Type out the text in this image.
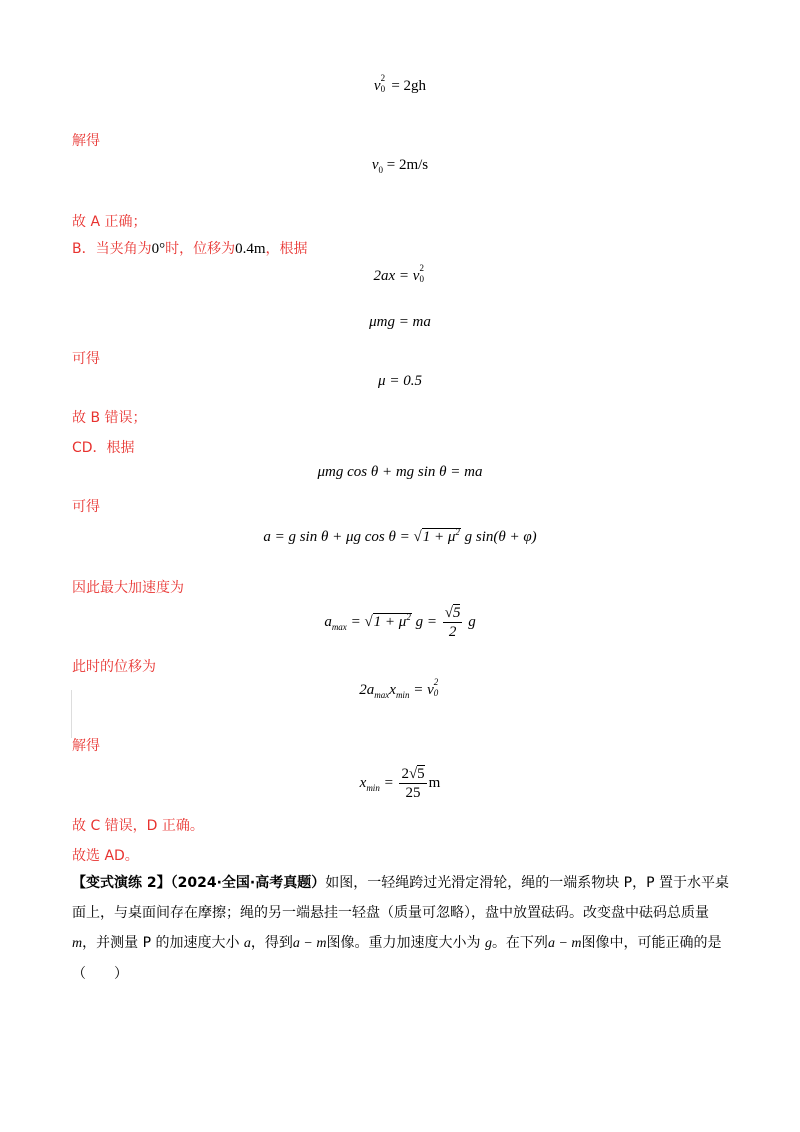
v 2
0 = 2gh
解得
$v_0 = 2m/s$
故 A 正确；
B．当夹角为0°时，位移为0.4m，根据
2ax = v 2
0
μmg = ma
可得
μ = 0.5
故 B 错误；
CD．根据
μmg cos θ + mg sin θ = ma
可得
a = g sin θ + μg $\cos \theta = √1 + \mu^2$ g sin(θ + φ)
因此最大加速度为
$a_{max} = √1 + \mu^2$ $g = \frac{√5}{2}$ g
此时的位移为
$2a_{max}x_{min} = v$ 2
0
解得
$x_{min} = \frac{2√5}{25}$ m
故 C 错误，D 正确。
故选 AD。
【变式演练 2】（2024·全国·高考真题）如图，一轻绳跨过光滑定滑轮，绳的一端系物块 P，P 置于水平桌面上，与桌面间存在摩擦；绳的另一端悬挂一轻盘（质量可忽略），盘中放置砝码。改变盘中砝码总质量 m，并测量 P 的加速度大小 a，得到a − m图像。重力加速度大小为 g。在下列a − m图像中，可能正确的是
（　　）
